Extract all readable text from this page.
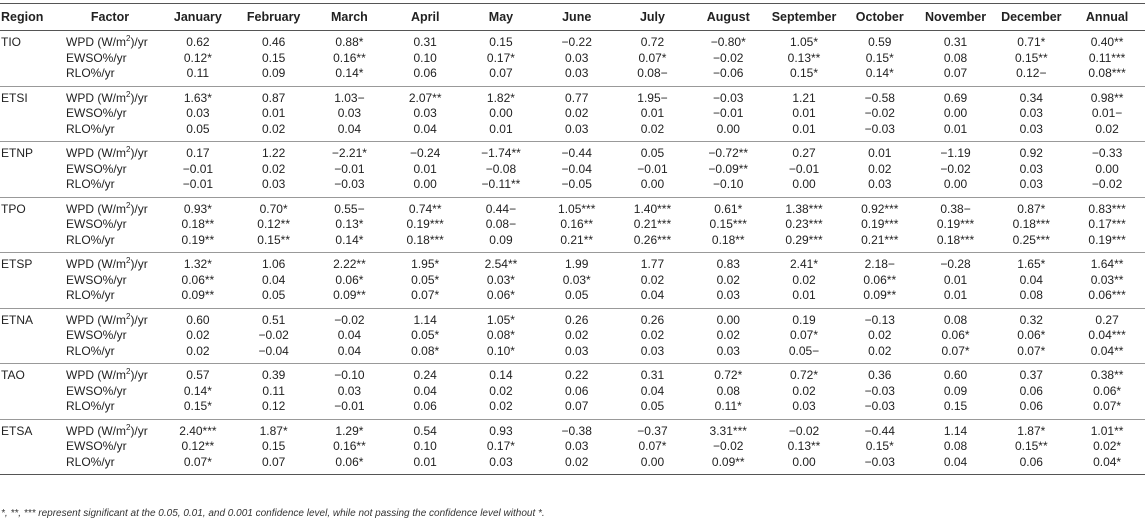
Region	Factor	January	February	March	April	May	June	July	August	September	October	November	December	Annual
TIO	WPD $(W/m^2)/yr$	0.62	0.46	0.88*	0.31	0.15	−0.22	0.72	−0.80*	1.05*	0.59	0.31	0.71*	0.40**
	EWSO%/yr	0.12*	0.15	0.16**	0.10	0.17*	0.03	0.07*	−0.02	0.13**	0.15*	0.08	0.15**	0.11***
	RLO%/yr	0.11	0.09	0.14*	0.06	0.07	0.03	0.08−	−0.06	0.15*	0.14*	0.07	0.12−	0.08***
ETSI	WPD $(W/m^2)/yr$	1.63*	0.87	1.03−	2.07**	1.82*	0.77	1.95−	−0.03	1.21	−0.58	0.69	0.34	0.98**
	EWSO%/yr	0.03	0.01	0.03	0.03	0.00	0.02	0.01	−0.01	0.01	−0.02	0.00	0.03	0.01−
	RLO%/yr	0.05	0.02	0.04	0.04	0.01	0.03	0.02	0.00	0.01	−0.03	0.01	0.03	0.02
ETNP	WPD $(W/m^2)/yr$	0.17	1.22	−2.21*	−0.24	−1.74**	−0.44	0.05	−0.72**	0.27	0.01	−1.19	0.92	−0.33
	EWSO%/yr	−0.01	0.02	−0.01	0.01	−0.08	−0.04	−0.01	−0.09**	−0.01	0.02	−0.02	0.03	0.00
	RLO%/yr	−0.01	0.03	−0.03	0.00	−0.11**	−0.05	0.00	−0.10	0.00	0.03	0.00	0.03	−0.02
TPO	WPD $(W/m^2)/yr$	0.93*	0.70*	0.55−	0.74**	0.44−	1.05***	1.40***	0.61*	1.38***	0.92***	0.38−	0.87*	0.83***
	EWSO%/yr	0.18**	0.12**	0.13*	0.19***	0.08−	0.16**	0.21***	0.15***	0.23***	0.19***	0.19***	0.18***	0.17***
	RLO%/yr	0.19**	0.15**	0.14*	0.18***	0.09	0.21**	0.26***	0.18**	0.29***	0.21***	0.18***	0.25***	0.19***
ETSP	WPD $(W/m^2)/yr$	1.32*	1.06	2.22**	1.95*	2.54**	1.99	1.77	0.83	2.41*	2.18−	−0.28	1.65*	1.64**
	EWSO%/yr	0.06**	0.04	0.06*	0.05*	0.03*	0.03*	0.02	0.02	0.02	0.06**	0.01	0.04	0.03**
	RLO%/yr	0.09**	0.05	0.09**	0.07*	0.06*	0.05	0.04	0.03	0.01	0.09**	0.01	0.08	0.06***
ETNA	WPD $(W/m^2)/yr$	0.60	0.51	−0.02	1.14	1.05*	0.26	0.26	0.00	0.19	−0.13	0.08	0.32	0.27
	EWSO%/yr	0.02	−0.02	0.04	0.05*	0.08*	0.02	0.02	0.02	0.07*	0.02	0.06*	0.06*	0.04***
	RLO%/yr	0.02	−0.04	0.04	0.08*	0.10*	0.03	0.03	0.03	0.05−	0.02	0.07*	0.07*	0.04**
TAO	WPD $(W/m^2)/yr$	0.57	0.39	−0.10	0.24	0.14	0.22	0.31	0.72*	0.72*	0.36	0.60	0.37	0.38**
	EWSO%/yr	0.14*	0.11	0.03	0.04	0.02	0.06	0.04	0.08	0.02	−0.03	0.09	0.06	0.06*
	RLO%/yr	0.15*	0.12	−0.01	0.06	0.02	0.07	0.05	0.11*	0.03	−0.03	0.15	0.06	0.07*
ETSA	WPD $(W/m^2)/yr$	2.40***	1.87*	1.29*	0.54	0.93	−0.38	−0.37	3.31***	−0.02	−0.44	1.14	1.87*	1.01**
	EWSO%/yr	0.12**	0.15	0.16**	0.10	0.17*	0.03	0.07*	−0.02	0.13**	0.15*	0.08	0.15**	0.02*
	RLO%/yr	0.07*	0.07	0.06*	0.01	0.03	0.02	0.00	0.09**	0.00	−0.03	0.04	0.06	0.04*
*, **, *** represent significant at the 0.05, 0.01, and 0.001 confidence level, while not passing the confidence level without *.
